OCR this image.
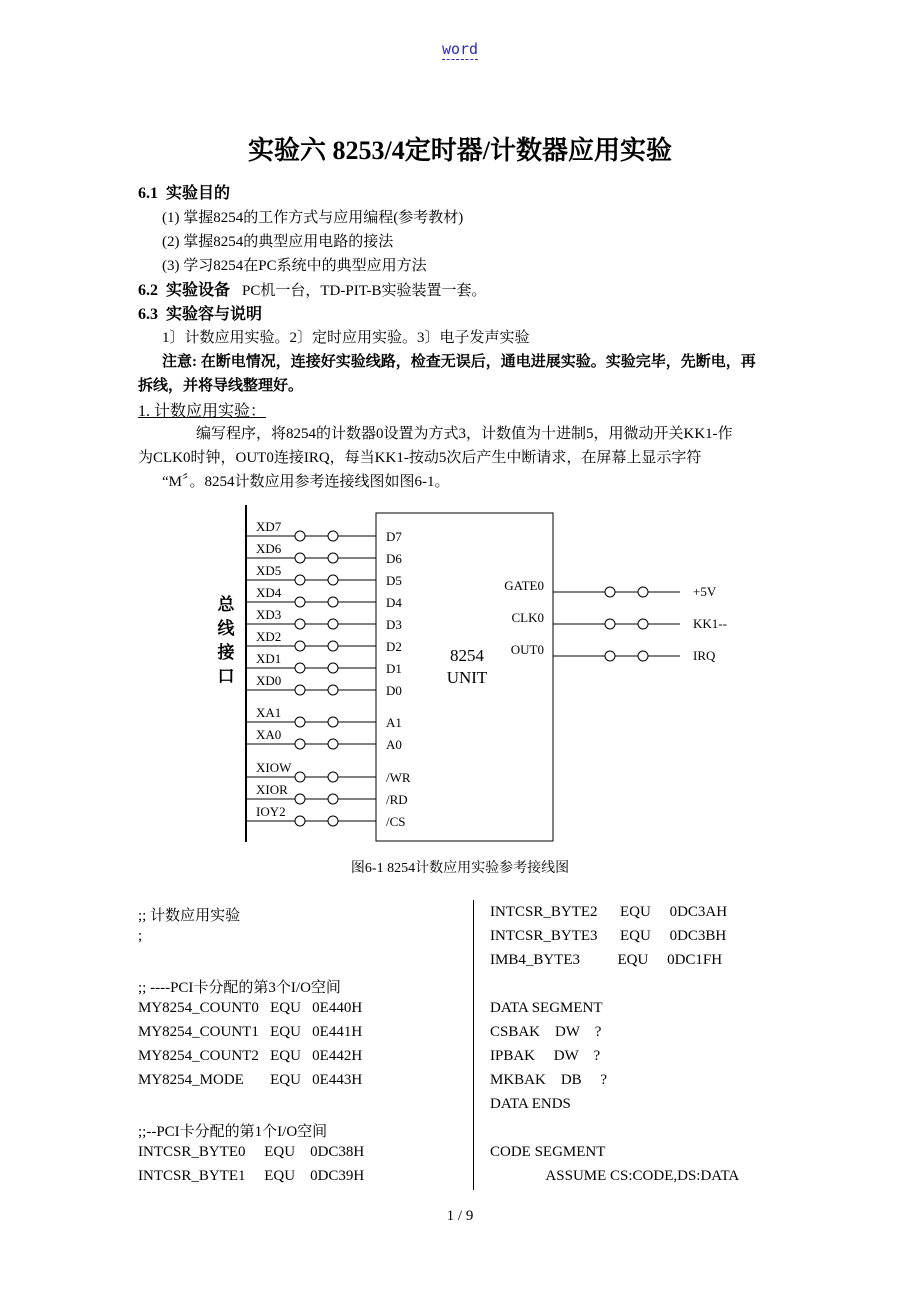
word
实验六 8253/4定时器/计数器应用实验
6.1 实验目的
(1) 掌握8254的工作方式与应用编程(参考教材)
(2) 掌握8254的典型应用电路的接法
(3) 学习8254在PC系统中的典型应用方法
6.2 实验设备 PC机一台，TD-PIT-B实验装置一套。
6.3 实验容与说明
1〕计数应用实验。2〕定时应用实验。3〕电子发声实验
注意: 在断电情况，连接好实验线路，检查无误后，通电进展实验。实验完毕，先断电，再
拆线，并将导线整理好。
1. 计数应用实验：
编写程序，将8254的计数器0设置为方式3，计数值为十进制5，用微动开关KK1-作
为CLK0时钟，OUT0连接IRQ，每当KK1-按动5次后产生中断请求，在屏幕上显示字符
“M〞。8254计数应用参考连接线图如图6-1。
总
线
接
口
8254
UNIT
XD7
D7
XD6
D6
XD5
D5
XD4
D4
XD3
D3
XD2
D2
XD1
D1
XD0
D0
XA1
A1
XA0
A0
XIOW
/WR
XIOR
/RD
IOY2
/CS
GATE0	+5V
CLK0	KK1--
OUT0	IRQ
图6-1 8254计数应用实验参考接线图
;; 计数应用实验
;
;; ----PCI卡分配的第3个I/O空间
MY8254_COUNT0   EQU   0E440H
MY8254_COUNT1   EQU   0E441H
MY8254_COUNT2   EQU   0E442H
MY8254_MODE       EQU   0E443H
;;--PCI卡分配的第1个I/O空间
INTCSR_BYTE0     EQU    0DC38H
INTCSR_BYTE1     EQU    0DC39H
INTCSR_BYTE2      EQU     0DC3AH
INTCSR_BYTE3      EQU     0DC3BH
IMB4_BYTE3          EQU     0DC1FH
DATA SEGMENT
CSBAK    DW    ?
IPBAK     DW    ?
MKBAK    DB     ?
DATA ENDS
CODE SEGMENT
ASSUME CS:CODE,DS:DATA
1 / 9
